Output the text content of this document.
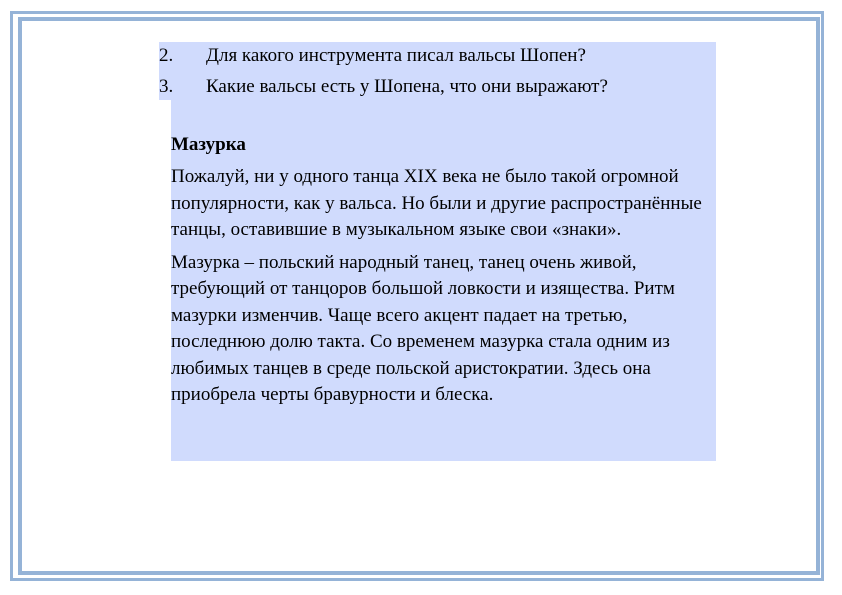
2. Для какого инструмента писал вальсы Шопен?
3. Какие вальсы есть у Шопена, что они выражают?
Мазурка

Пожалуй, ни у одного танца XIX века не было такой огромной популярности, как у вальса. Но были и другие распространённые танцы, оставившие в музыкальном языке свои «знаки».

Мазурка – польский народный танец, танец очень живой, требующий от танцоров большой ловкости и изящества. Ритм мазурки изменчив. Чаще всего акцент падает на третью, последнюю долю такта. Со временем мазурка стала одним из любимых танцев в среде польской аристократии. Здесь она приобрела черты бравурности и блеска.
